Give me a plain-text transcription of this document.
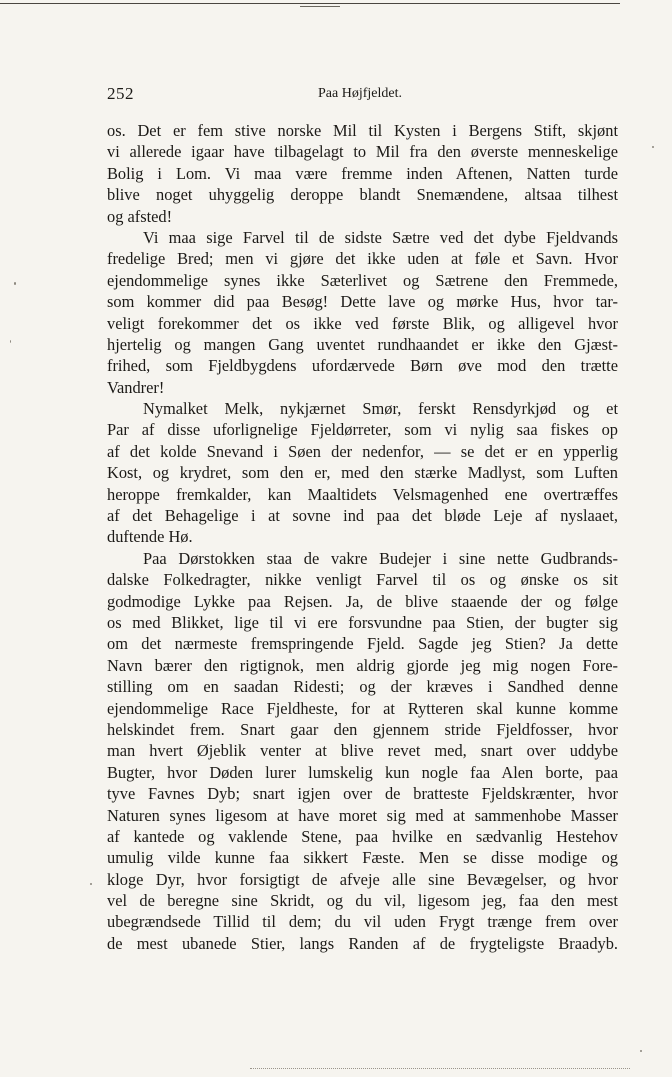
252	Paa Højfjeldet.
os. Det er fem stive norske Mil til Kysten i Bergens Stift, skjønt
vi allerede igaar have tilbagelagt to Mil fra den øverste menneskelige
Bolig i Lom. Vi maa være fremme inden Aftenen, Natten turde
blive noget uhyggelig deroppe blandt Snemændene, altsaa tilhest
og afsted!
Vi maa sige Farvel til de sidste Sætre ved det dybe Fjeldvands
fredelige Bred; men vi gjøre det ikke uden at føle et Savn. Hvor
ejendommelige synes ikke Sæterlivet og Sætrene den Fremmede,
som kommer did paa Besøg! Dette lave og mørke Hus, hvor tar-
veligt forekommer det os ikke ved første Blik, og alligevel hvor
hjertelig og mangen Gang uventet rundhaandet er ikke den Gjæst-
frihed, som Fjeldbygdens ufordærvede Børn øve mod den trætte
Vandrer!
Nymalket Melk, nykjærnet Smør, ferskt Rensdyrkjød og et
Par af disse uforlignelige Fjeldørreter, som vi nylig saa fiskes op
af det kolde Snevand i Søen der nedenfor, — se det er en ypperlig
Kost, og krydret, som den er, med den stærke Madlyst, som Luften
heroppe fremkalder, kan Maaltidets Velsmagenhed ene overtræffes
af det Behagelige i at sovne ind paa det bløde Leje af nyslaaet,
duftende Hø.
Paa Dørstokken staa de vakre Budejer i sine nette Gudbrands-
dalske Folkedragter, nikke venligt Farvel til os og ønske os sit
godmodige Lykke paa Rejsen. Ja, de blive staaende der og følge
os med Blikket, lige til vi ere forsvundne paa Stien, der bugter sig
om det nærmeste fremspringende Fjeld. Sagde jeg Stien? Ja dette
Navn bærer den rigtignok, men aldrig gjorde jeg mig nogen Fore-
stilling om en saadan Ridesti; og der kræves i Sandhed denne
ejendommelige Race Fjeldheste, for at Rytteren skal kunne komme
helskindet frem. Snart gaar den gjennem stride Fjeldfosser, hvor
man hvert Øjeblik venter at blive revet med, snart over uddybe
Bugter, hvor Døden lurer lumskelig kun nogle faa Alen borte, paa
tyve Favnes Dyb; snart igjen over de bratteste Fjeldskrænter, hvor
Naturen synes ligesom at have moret sig med at sammenhobe Masser
af kantede og vaklende Stene, paa hvilke en sædvanlig Hestehov
umulig vilde kunne faa sikkert Fæste. Men se disse modige og
kloge Dyr, hvor forsigtigt de afveje alle sine Bevægelser, og hvor
vel de beregne sine Skridt, og du vil, ligesom jeg, faa den mest
ubegrændsede Tillid til dem; du vil uden Frygt trænge frem over
de mest ubanede Stier, langs Randen af de frygteligste Braadyb.
